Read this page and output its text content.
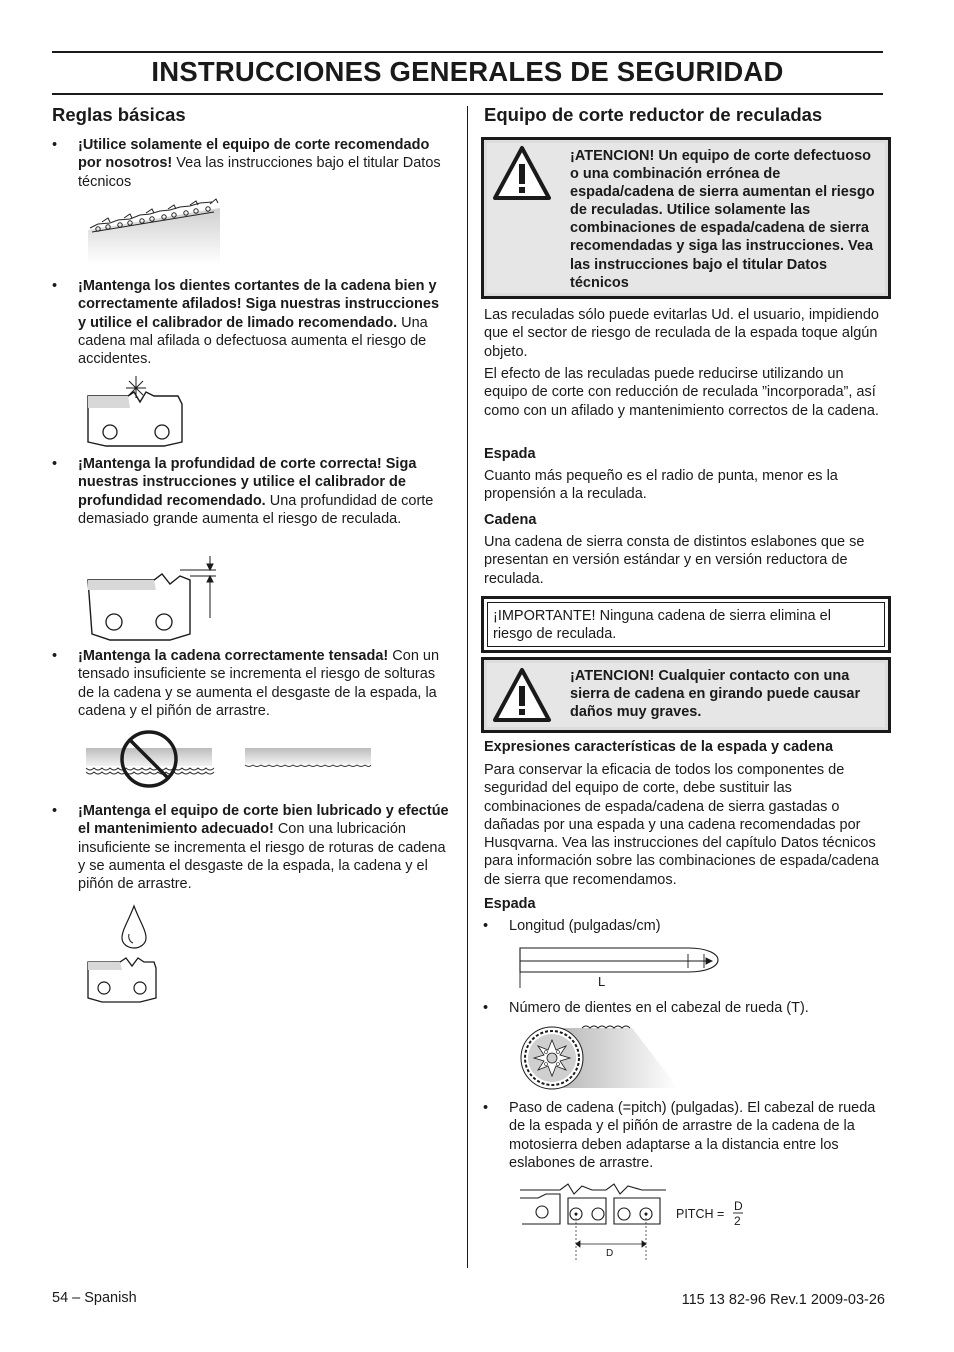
INSTRUCCIONES GENERALES DE SEGURIDAD
Reglas básicas
• ¡Utilice solamente el equipo de corte recomendado por nosotros! Vea las instrucciones bajo el titular Datos técnicos
• ¡Mantenga los dientes cortantes de la cadena bien y correctamente afilados! Siga nuestras instrucciones y utilice el calibrador de limado recomendado. Una cadena mal afilada o defectuosa aumenta el riesgo de accidentes.
• ¡Mantenga la profundidad de corte correcta! Siga nuestras instrucciones y utilice el calibrador de profundidad recomendado. Una profundidad de corte demasiado grande aumenta el riesgo de reculada.
• ¡Mantenga la cadena correctamente tensada! Con un tensado insuficiente se incrementa el riesgo de solturas de la cadena y se aumenta el desgaste de la espada, la cadena y el piñón de arrastre.
• ¡Mantenga el equipo de corte bien lubricado y efectúe el mantenimiento adecuado! Con una lubricación insuficiente se incrementa el riesgo de roturas de cadena y se aumenta el desgaste de la espada, la cadena y el piñón de arrastre.
Equipo de corte reductor de reculadas
¡ATENCION! Un equipo de corte defectuoso o una combinación errónea de espada/cadena de sierra aumentan el riesgo de reculadas. Utilice solamente las combinaciones de espada/cadena de sierra recomendadas y siga las instrucciones. Vea las instrucciones bajo el titular Datos técnicos
Las reculadas sólo puede evitarlas Ud. el usuario, impidiendo que el sector de riesgo de reculada de la espada toque algún objeto.
El efecto de las reculadas puede reducirse utilizando un equipo de corte con reducción de reculada ”incorporada”, así como con un afilado y mantenimiento correctos de la cadena.
Espada
Cuanto más pequeño es el radio de punta, menor es la propensión a la reculada.
Cadena
Una cadena de sierra consta de distintos eslabones que se presentan en versión estándar y en versión reductora de reculada.
¡IMPORTANTE! Ninguna cadena de sierra elimina el riesgo de reculada.
¡ATENCION! Cualquier contacto con una sierra de cadena en girando puede causar daños muy graves.
Expresiones características de la espada y cadena
Para conservar la eficacia de todos los componentes de seguridad del equipo de corte, debe sustituir las combinaciones de espada/cadena de sierra gastadas o dañadas por una espada y una cadena recomendadas por Husqvarna. Vea las instrucciones del capítulo Datos técnicos para información sobre las combinaciones de espada/cadena de sierra que recomendamos.
Espada
• Longitud (pulgadas/cm)
L
• Número de dientes en el cabezal de rueda (T).
• Paso de cadena (=pitch) (pulgadas). El cabezal de rueda de la espada y el piñón de arrastre de la cadena de la motosierra deben adaptarse a la distancia entre los eslabones de arrastre.
D
PITCH =
D
2
54 – Spanish	115 13 82-96 Rev.1 2009-03-26
